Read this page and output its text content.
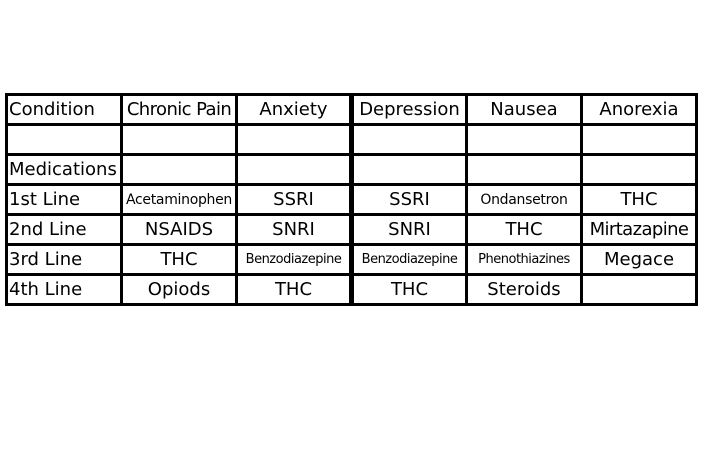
Condition	Chronic Pain	Anxiety	Depression	Nausea	Anorexia

Medications					
1st Line	Acetaminophen	SSRI	SSRI	Ondansetron	THC
2nd Line	NSAIDS	SNRI	SNRI	THC	Mirtazapine
3rd Line	THC	Benzodiazepine	Benzodiazepine	Phenothiazines	Megace
4th Line	Opiods	THC	THC	Steroids	
